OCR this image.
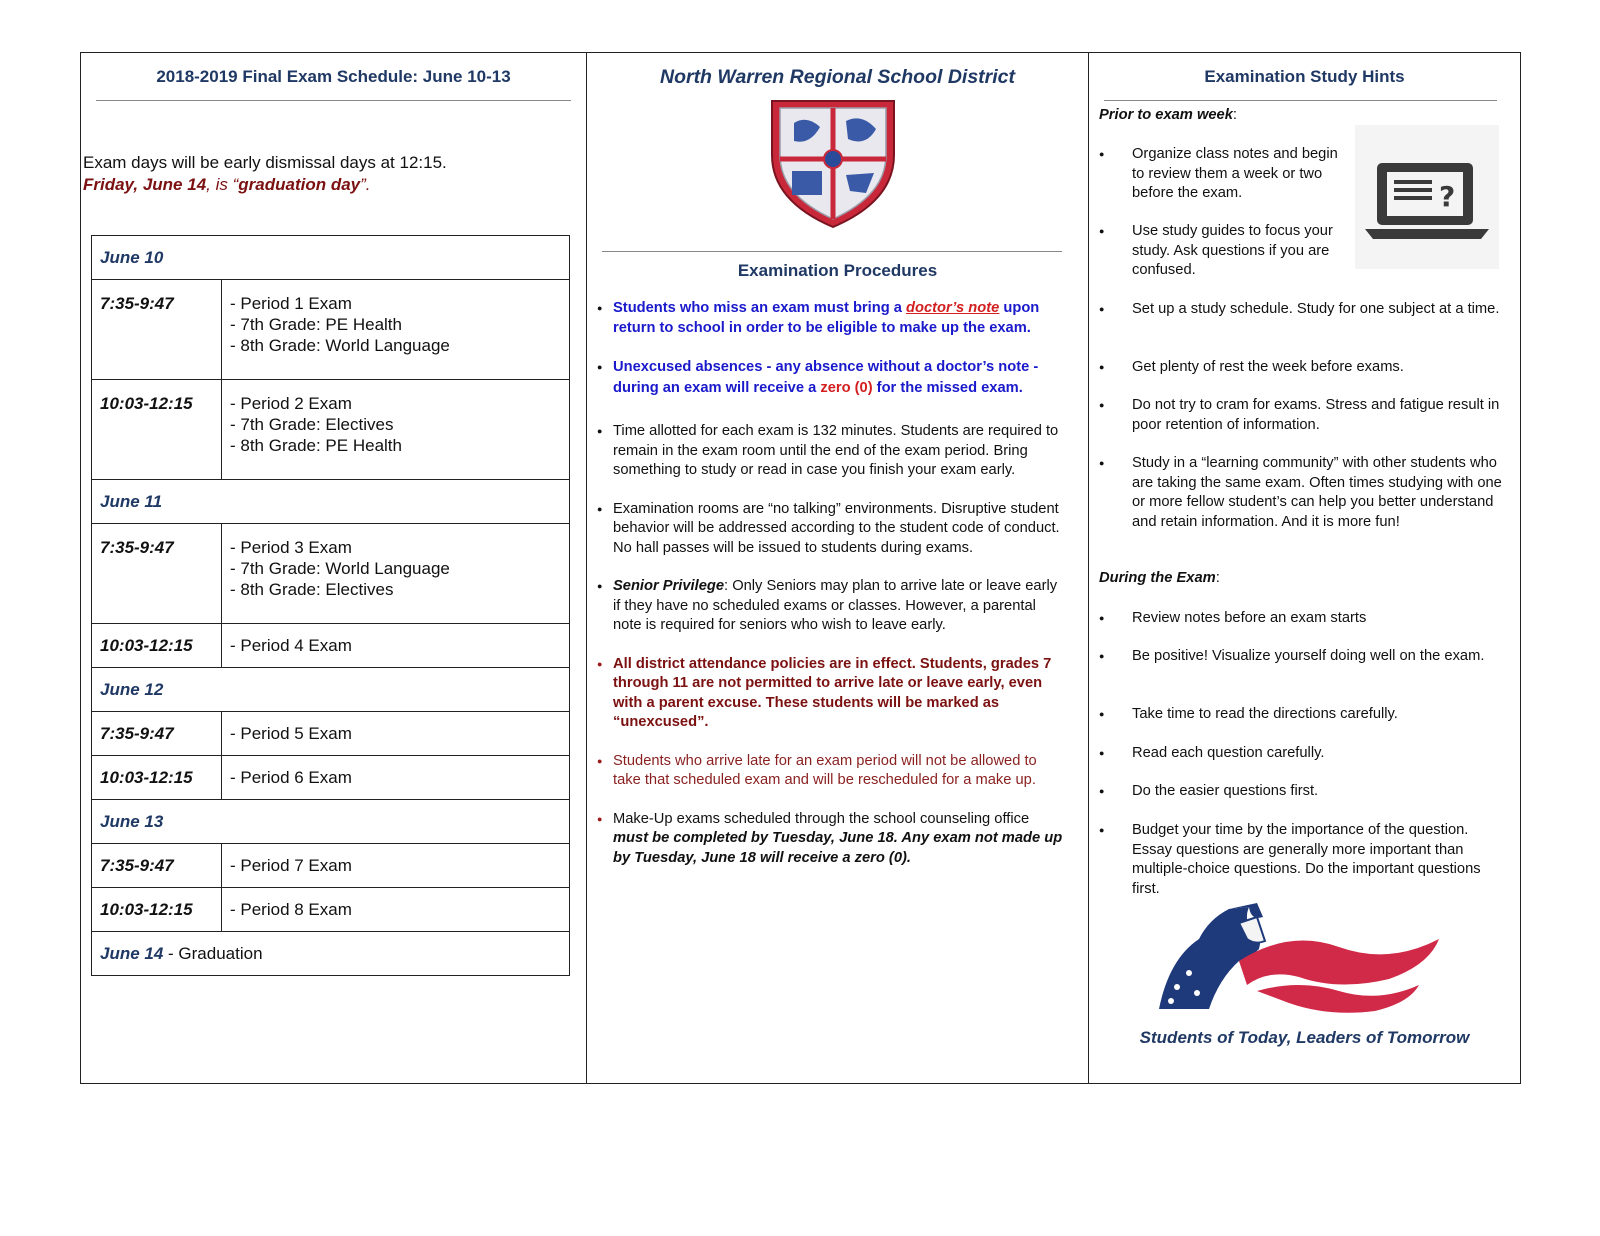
2018-2019 Final Exam Schedule: June 10-13
Exam days will be early dismissal days at 12:15.
Friday, June 14, is “graduation day”.
June 10	
7:35-9:47	- Period 1 Exam
- 7th Grade: PE Health
- 8th Grade: World Language

10:03-12:15	- Period 2 Exam
- 7th Grade: Electives
- 8th Grade: PE Health

June 11	
7:35-9:47	- Period 3 Exam
- 7th Grade: World Language
- 8th Grade: Electives

10:03-12:15	- Period 4 Exam
June 12	
7:35-9:47	- Period 5 Exam
10:03-12:15	- Period 6 Exam
June 13	
7:35-9:47	- Period 7 Exam
10:03-12:15	- Period 8 Exam
June 14 - Graduation	
North Warren Regional School District
Examination Procedures
● Students who miss an exam must bring a doctor’s note upon return to school in order to be eligible to make up the exam.
● Unexcused absences - any absence without a doctor’s note - during an exam will receive a zero (0) for the missed exam.
● Time allotted for each exam is 132 minutes. Students are required to remain in the exam room until the end of the exam period. Bring something to study or read in case you finish your exam early.
● Examination rooms are “no talking” environments. Disruptive student behavior will be addressed according to the student code of conduct. No hall passes will be issued to students during exams.
● Senior Privilege: Only Seniors may plan to arrive late or leave early if they have no scheduled exams or classes. However, a parental note is required for seniors who wish to leave early.
● All district attendance policies are in effect. Students, grades 7 through 11 are not permitted to arrive late or leave early, even with a parent excuse. These students will be marked as “unexcused”.
● Students who arrive late for an exam period will not be allowed to take that scheduled exam and will be rescheduled for a make up.
● Make-Up exams scheduled through the school counseling office must be completed by Tuesday, June 18. Any exam not made up by Tuesday, June 18 will receive a zero (0).
Examination Study Hints
Prior to exam week:
?
●	Organize class notes and begin to review them a week or two before the exam.
●	Use study guides to focus your study. Ask questions if you are confused.
●	Set up a study schedule. Study for one subject at a time.
●	Get plenty of rest the week before exams.
●	Do not try to cram for exams. Stress and fatigue result in poor retention of information.
●	Study in a “learning community” with other students who are taking the same exam. Often times studying with one or more fellow student’s can help you better understand and retain information. And it is more fun!
During the Exam:
●	Review notes before an exam starts
●	Be positive! Visualize yourself doing well on the exam.
●	Take time to read the directions carefully.
●	Read each question carefully.
●	Do the easier questions first.
●	Budget your time by the importance of the question. Essay questions are generally more important than multiple-choice questions. Do the important questions first.
Students of Today, Leaders of Tomorrow
